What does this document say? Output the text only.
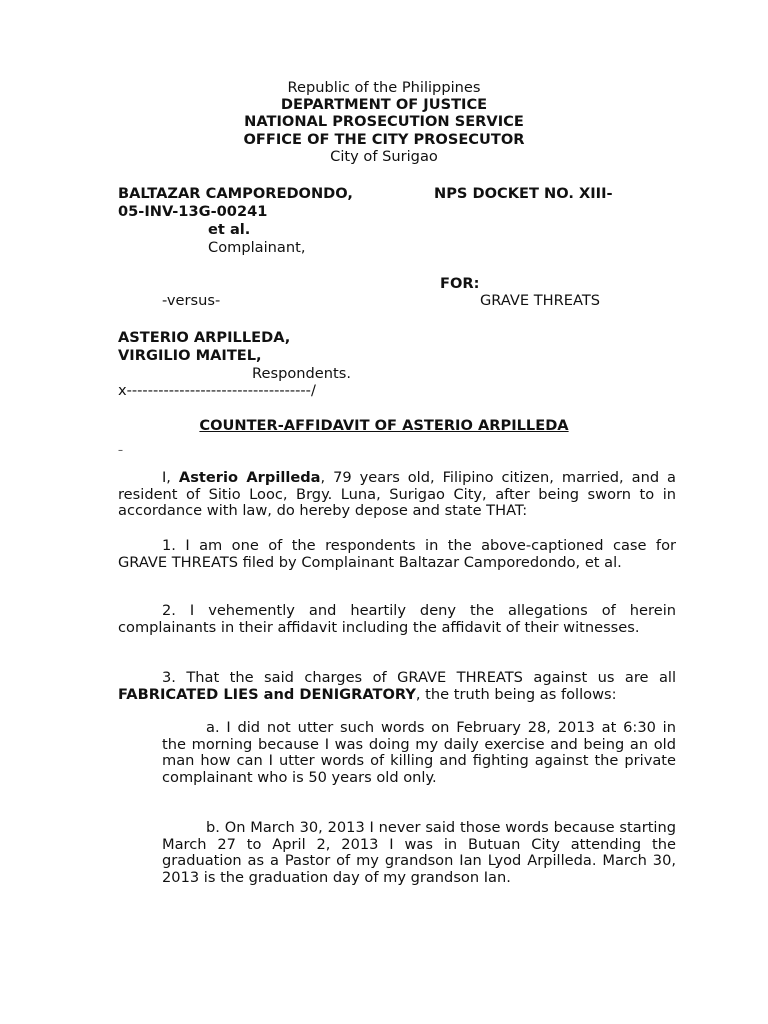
Republic of the Philippines
DEPARTMENT OF JUSTICE
NATIONAL PROSECUTION SERVICE
OFFICE OF THE CITY PROSECUTOR
City of Surigao
BALTAZAR CAMPOREDONDO,	NPS DOCKET NO. XIII-
05-INV-13G-00241
et al.
Complainant,
FOR:
-versus-	GRAVE THREATS
ASTERIO ARPILLEDA,
VIRGILIO MAITEL,
Respondents.
x-----------------------------------/
COUNTER-AFFIDAVIT OF ASTERIO ARPILLEDA
–
I, Asterio Arpilleda, 79 years old, Filipino citizen, married, and a resident of Sitio Looc, Brgy. Luna, Surigao City, after being sworn to in accordance with law, do hereby depose and state THAT:
1. I am one of the respondents in the above-captioned case for GRAVE THREATS filed by Complainant Baltazar Camporedondo, et al.
2. I vehemently and heartily deny the allegations of herein complainants in their affidavit including the affidavit of their witnesses.
3. That the said charges of GRAVE THREATS against us are all FABRICATED LIES and DENIGRATORY, the truth being as follows:
a. I did not utter such words on February 28, 2013 at 6:30 in the morning because I was doing my daily exercise and being an old man how can I utter words of killing and fighting against the private complainant who is 50 years old only.
b. On March 30, 2013 I never said those words because starting March 27 to April 2, 2013 I was in Butuan City attending the graduation as a Pastor of my grandson Ian Lyod Arpilleda. March 30, 2013 is the graduation day of my grandson Ian.
